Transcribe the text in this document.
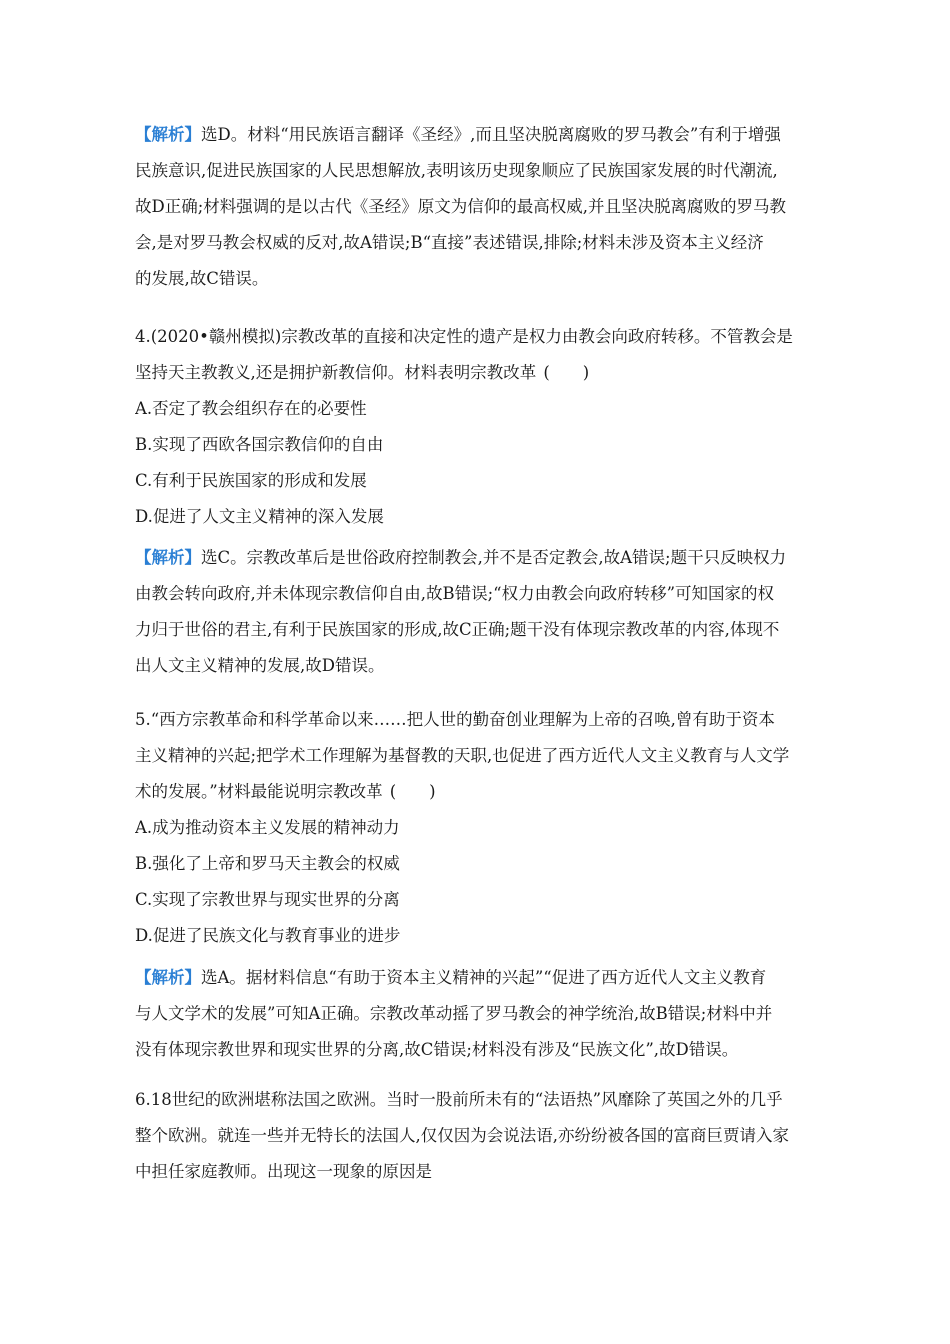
【解析】选D。材料“用民族语言翻译《圣经》,而且坚决脱离腐败的罗马教会”有利于增强
民族意识,促进民族国家的人民思想解放,表明该历史现象顺应了民族国家发展的时代潮流,
故D正确;材料强调的是以古代《圣经》原文为信仰的最高权威,并且坚决脱离腐败的罗马教
会,是对罗马教会权威的反对,故A错误;B“直接”表述错误,排除;材料未涉及资本主义经济
的发展,故C错误。
4.(2020•赣州模拟)宗教改革的直接和决定性的遗产是权力由教会向政府转移。不管教会是
坚持天主教教义,还是拥护新教信仰。材料表明宗教改革 (　　)
A.否定了教会组织存在的必要性
B.实现了西欧各国宗教信仰的自由
C.有利于民族国家的形成和发展
D.促进了人文主义精神的深入发展
【解析】选C。宗教改革后是世俗政府控制教会,并不是否定教会,故A错误;题干只反映权力
由教会转向政府,并未体现宗教信仰自由,故B错误;“权力由教会向政府转移”可知国家的权
力归于世俗的君主,有利于民族国家的形成,故C正确;题干没有体现宗教改革的内容,体现不
出人文主义精神的发展,故D错误。
5.“西方宗教革命和科学革命以来……把人世的勤奋创业理解为上帝的召唤,曾有助于资本
主义精神的兴起;把学术工作理解为基督教的天职,也促进了西方近代人文主义教育与人文学
术的发展。”材料最能说明宗教改革 (　　)
A.成为推动资本主义发展的精神动力
B.强化了上帝和罗马天主教会的权威
C.实现了宗教世界与现实世界的分离
D.促进了民族文化与教育事业的进步
【解析】选A。据材料信息“有助于资本主义精神的兴起”“促进了西方近代人文主义教育
与人文学术的发展”可知A正确。宗教改革动摇了罗马教会的神学统治,故B错误;材料中并
没有体现宗教世界和现实世界的分离,故C错误;材料没有涉及“民族文化”,故D错误。
6.18世纪的欧洲堪称法国之欧洲。当时一股前所未有的“法语热”风靡除了英国之外的几乎
整个欧洲。就连一些并无特长的法国人,仅仅因为会说法语,亦纷纷被各国的富商巨贾请入家
中担任家庭教师。出现这一现象的原因是
